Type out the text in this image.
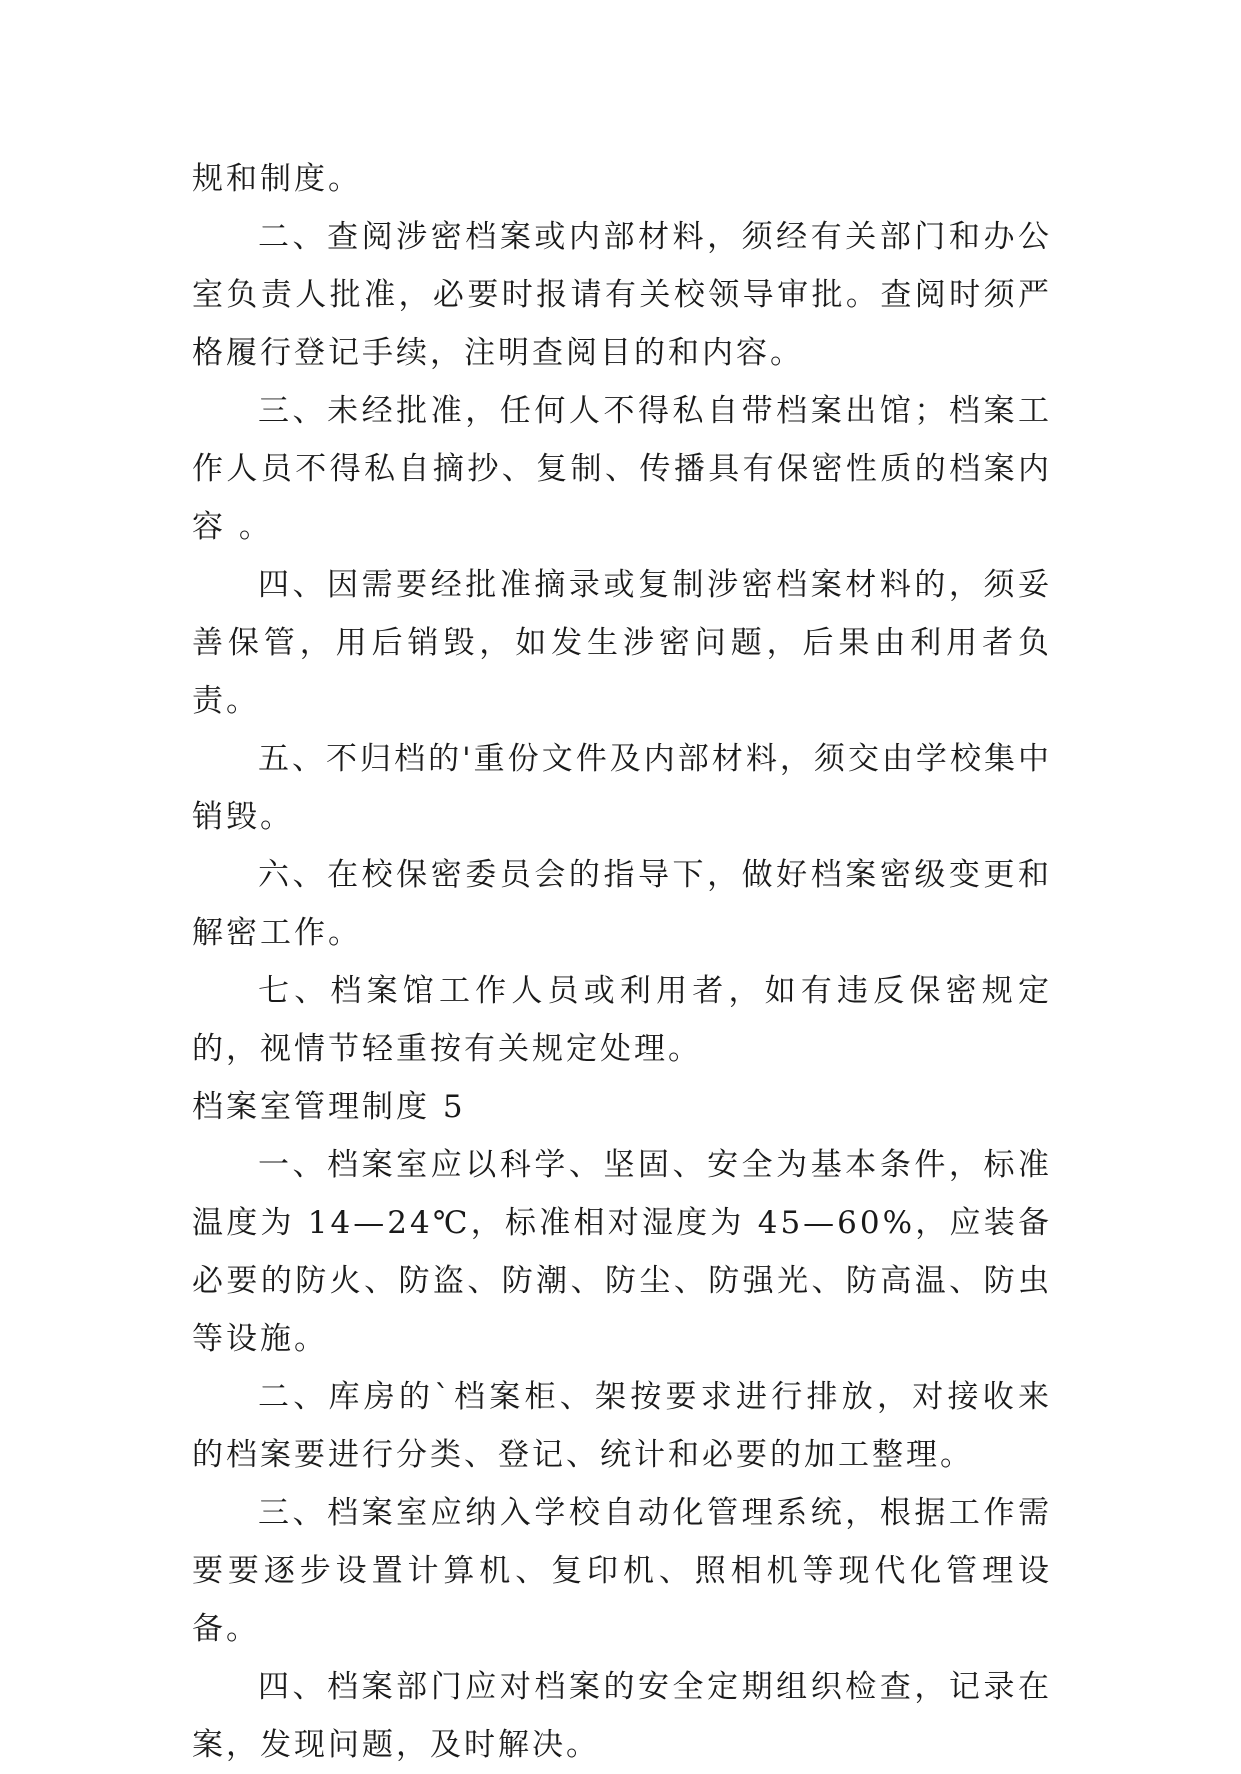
规和制度。

二、查阅涉密档案或内部材料，须经有关部门和办公室负责人批准，必要时报请有关校领导审批。查阅时须严格履行登记手续，注明查阅目的和内容。

三、未经批准，任何人不得私自带档案出馆；档案工作人员不得私自摘抄、复制、传播具有保密性质的档案内容 。

四、因需要经批准摘录或复制涉密档案材料的，须妥善保管，用后销毁，如发生涉密问题，后果由利用者负责。

五、不归档的'重份文件及内部材料，须交由学校集中销毁。

六、在校保密委员会的指导下，做好档案密级变更和解密工作。

七、档案馆工作人员或利用者，如有违反保密规定的，视情节轻重按有关规定处理。

档案室管理制度 5

一、档案室应以科学、坚固、安全为基本条件，标准温度为 14—24℃，标准相对湿度为 45—60%，应装备必要的防火、防盗、防潮、防尘、防强光、防高温、防虫等设施。

二、库房的`档案柜、架按要求进行排放，对接收来的档案要进行分类、登记、统计和必要的加工整理。

三、档案室应纳入学校自动化管理系统，根据工作需要要逐步设置计算机、复印机、照相机等现代化管理设备。

四、档案部门应对档案的安全定期组织检查，记录在案，发现问题，及时解决。
